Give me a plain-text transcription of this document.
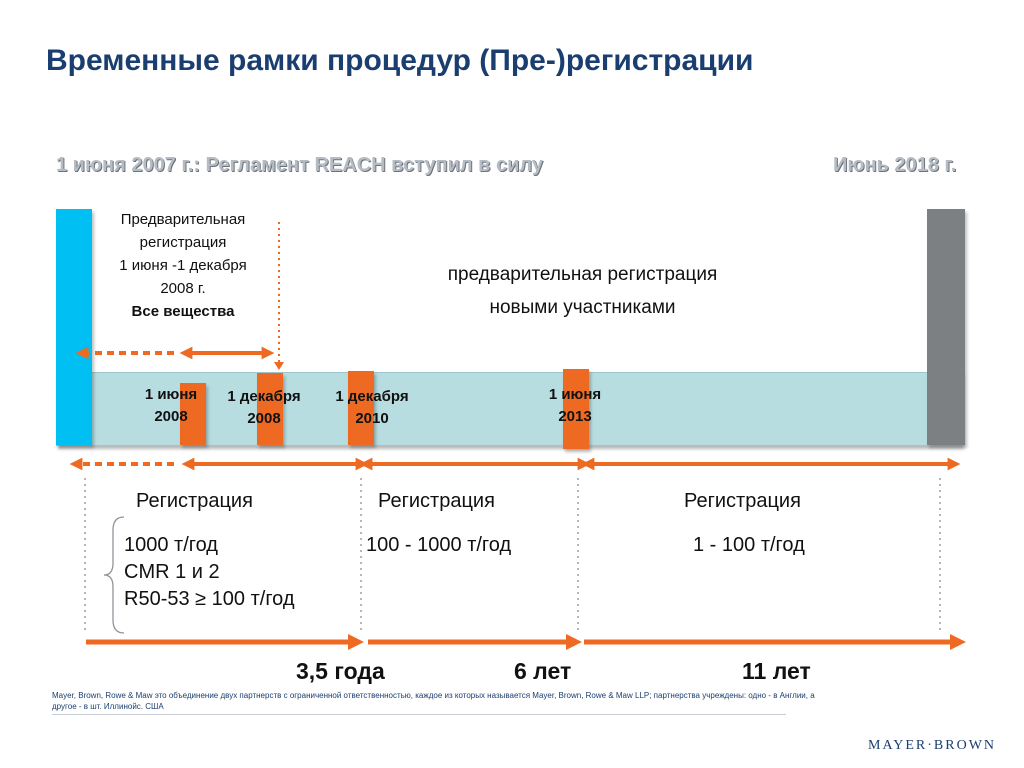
Временные рамки процедур (Пре-)регистрации
1 июня 2007 г.: Регламент REACH вступил в силу	Июнь 2018 г.
Предварительная
регистрация
1 июня -1 декабря
2008 г.
Все вещества
предварительная регистрация
новыми участниками
1 июня
2008
1 декабря
2008
1 декабря
2010
1 июня
2013
Регистрация	Регистрация	Регистрация
1000 т/год
CMR 1 и 2
R50-53 ≥ 100 т/год
100 - 1000 т/год	1 - 100 т/год
3,5 года	6 лет	11 лет
Mayer, Brown, Rowe & Maw это объединение двух партнерств с ограниченной ответственностью, каждое из которых называется Mayer, Brown, Rowe & Maw LLP; партнерства учреждены: одно - в Англии, а другое - в шт. Иллинойс. США
MAYER·BROWN
